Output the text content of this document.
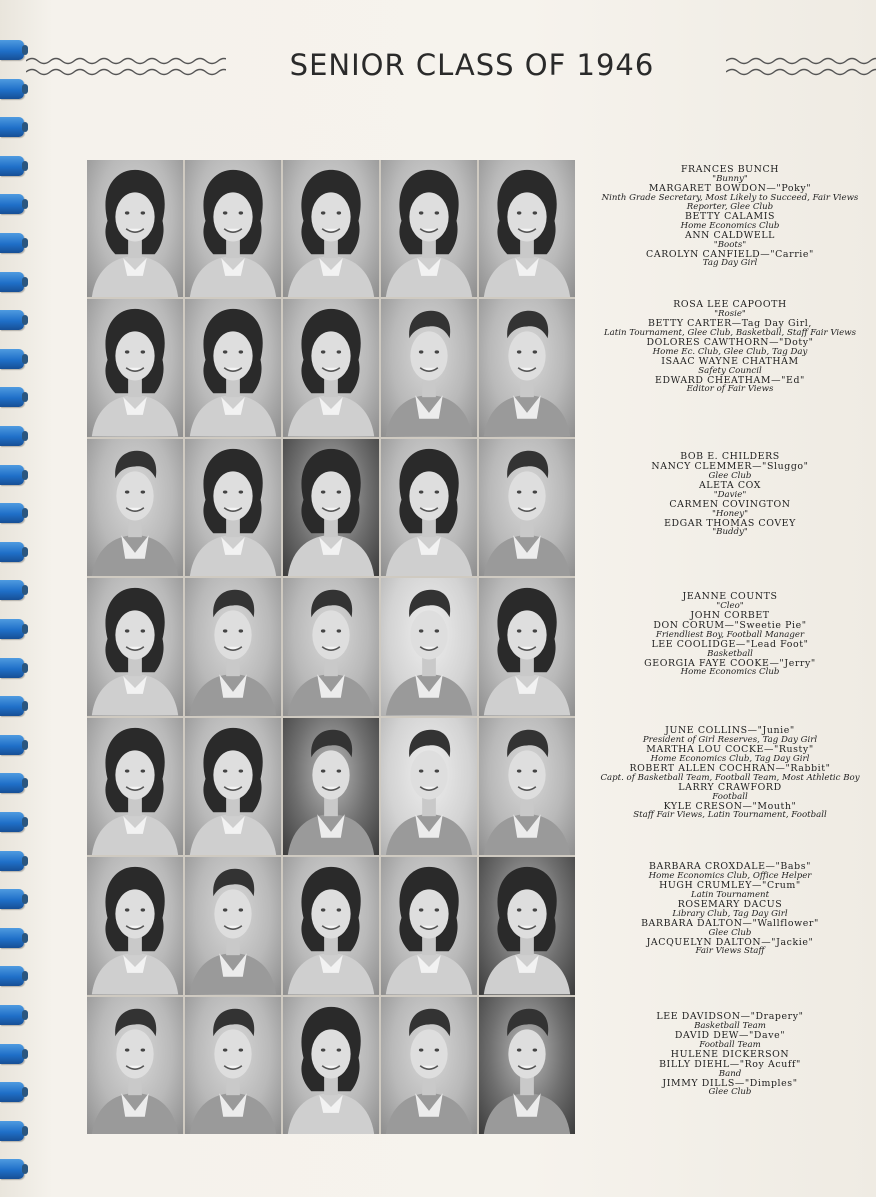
SENIOR CLASS OF 1946
FRANCES BUNCH
"Bunny"
MARGARET BOWDON—"Poky"
Ninth Grade Secretary, Most Likely to Succeed, Fair Views Reporter, Glee Club
BETTY CALAMIS
Home Economics Club
ANN CALDWELL
"Boots"
CAROLYN CANFIELD—"Carrie"
Tag Day Girl
ROSA LEE CAPOOTH
"Rosie"
BETTY CARTER—Tag Day Girl,
Latin Tournament, Glee Club, Basketball, Staff Fair Views
DOLORES CAWTHORN—"Doty"
Home Ec. Club, Glee Club, Tag Day
ISAAC WAYNE CHATHAM
Safety Council
EDWARD CHEATHAM—"Ed"
Editor of Fair Views
BOB E. CHILDERS
NANCY CLEMMER—"Sluggo"
Glee Club
ALETA COX
"Davie"
CARMEN COVINGTON
"Honey"
EDGAR THOMAS COVEY
"Buddy"
JEANNE COUNTS
"Cleo"
JOHN CORBET
DON CORUM—"Sweetie Pie"
Friendliest Boy, Football Manager
LEE COOLIDGE—"Lead Foot"
Basketball
GEORGIA FAYE COOKE—"Jerry"
Home Economics Club
JUNE COLLINS—"Junie"
President of Girl Reserves, Tag Day Girl
MARTHA LOU COCKE—"Rusty"
Home Economics Club, Tag Day Girl
ROBERT ALLEN COCHRAN—"Rabbit"
Capt. of Basketball Team, Football Team, Most Athletic Boy
LARRY CRAWFORD
Football
KYLE CRESON—"Mouth"
Staff Fair Views, Latin Tournament, Football
BARBARA CROXDALE—"Babs"
Home Economics Club, Office Helper
HUGH CRUMLEY—"Crum"
Latin Tournament
ROSEMARY DACUS
Library Club, Tag Day Girl
BARBARA DALTON—"Wallflower"
Glee Club
JACQUELYN DALTON—"Jackie"
Fair Views Staff
LEE DAVIDSON—"Drapery"
Basketball Team
DAVID DEW—"Dave"
Football Team
HULENE DICKERSON
BILLY DIEHL—"Roy Acuff"
Band
JIMMY DILLS—"Dimples"
Glee Club
